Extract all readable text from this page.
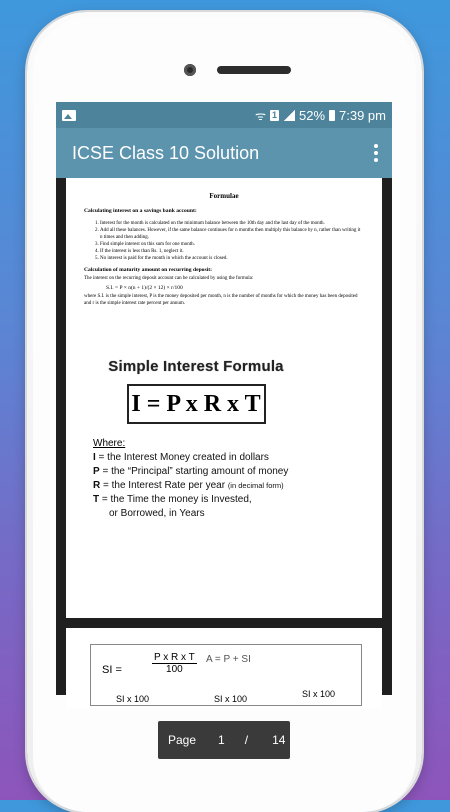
ᯤ 1 52% 7:39 pm
ICSE Class 10 Solution
Formulae
Calculating interest on a savings bank account:
1. Interest for the month is calculated on the minimum balance between the 10th day and the last day of the month.
2. Add all these balances. However, if the same balance continues for n months then multiply this balance by n, rather than writing it n times and then adding.
3. Find simple interest on this sum for one month.
4. If the interest is less than Rs. 1, neglect it.
5. No interest is paid for the month in which the account is closed.
Calculation of maturity amount on recurring deposit:
The interest on the recurring deposit account can be calculated by using the formula:
S.I. = P × n(n + 1)/(2 × 12) × r/100
where S.I. is the simple interest, P is the money deposited per month, n is the number of months for which the money has been deposited and r is the simple interest rate percent per annum.
Simple Interest Formula
I = P x R x T
Where:
I = the Interest Money created in dollars
P = the “Principal” starting amount of money
R = the Interest Rate per year (in decimal form)
T = the Time the money is Invested,
or Borrowed, in Years
SI =	$\frac{\text{P x R x T}}{100}$ A = P + SI
SI x 100	SI x 100	SI x 100
Page 1 / 14
